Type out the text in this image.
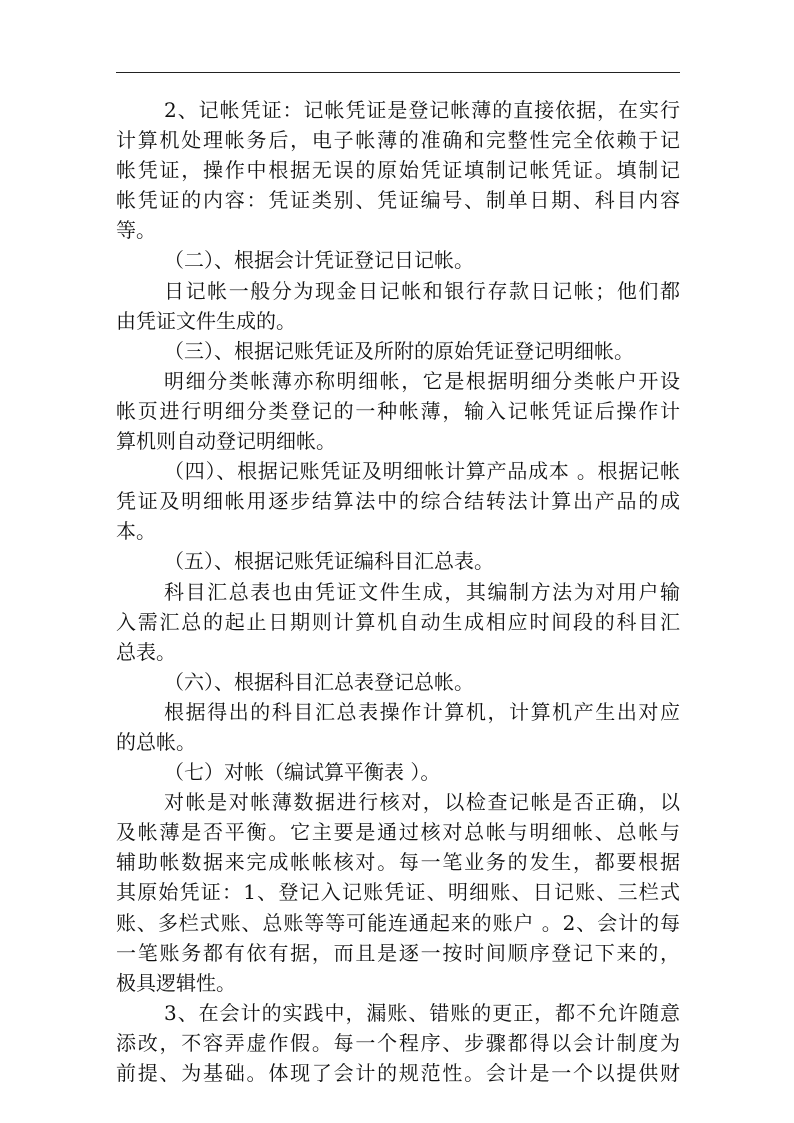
2、记帐凭证：记帐凭证是登记帐薄的直接依据，在实行
计算机处理帐务后，电子帐薄的准确和完整性完全依赖于记
帐凭证，操作中根据无误的原始凭证填制记帐凭证。填制记
帐凭证的内容：凭证类别、凭证编号、制单日期、科目内容
等。
（二）、根据会计凭证登记日记帐。
日记帐一般分为现金日记帐和银行存款日记帐；他们都
由凭证文件生成的。
（三）、根据记账凭证及所附的原始凭证登记明细帐。
明细分类帐薄亦称明细帐，它是根据明细分类帐户开设
帐页进行明细分类登记的一种帐薄，输入记帐凭证后操作计
算机则自动登记明细帐。
（四）、根据记账凭证及明细帐计算产品成本 。根据记帐
凭证及明细帐用逐步结算法中的综合结转法计算出产品的成
本。
（五）、根据记账凭证编科目汇总表。
科目汇总表也由凭证文件生成，其编制方法为对用户输
入需汇总的起止日期则计算机自动生成相应时间段的科目汇
总表。
（六）、根据科目汇总表登记总帐。
根据得出的科目汇总表操作计算机，计算机产生出对应
的总帐。
（七）对帐（编试算平衡表 ）。
对帐是对帐薄数据进行核对，以检查记帐是否正确，以
及帐薄是否平衡。它主要是通过核对总帐与明细帐、总帐与
辅助帐数据来完成帐帐核对。每一笔业务的发生，都要根据
其原始凭证：1、登记入记账凭证、明细账、日记账、三栏式
账、多栏式账、总账等等可能连通起来的账户 。2、会计的每
一笔账务都有依有据，而且是逐一按时间顺序登记下来的，
极具逻辑性。
3、在会计的实践中，漏账、错账的更正，都不允许随意
添改，不容弄虚作假。每一个程序、步骤都得以会计制度为
前提、为基础。体现了会计的规范性。会计是一个以提供财
